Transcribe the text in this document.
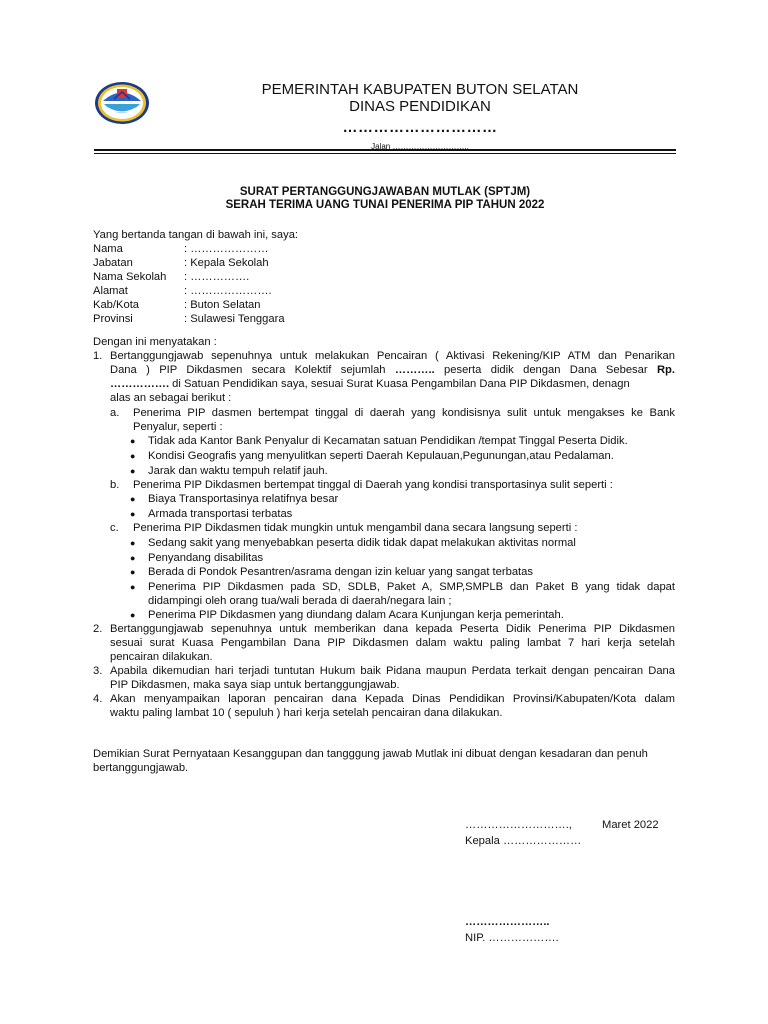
PEMERINTAH KABUPATEN BUTON SELATAN
DINAS PENDIDIKAN
…………………………
Jalan ………………………..
SURAT PERTANGGUNGJAWABAN MUTLAK (SPTJM)
SERAH TERIMA UANG TUNAI PENERIMA PIP TAHUN 2022
Yang bertanda tangan di bawah ini, saya:
Nama	: …………………
Jabatan	: Kepala Sekolah
Nama Sekolah : …………….
Alamat	: ………………….
Kab/Kota	: Buton Selatan
Provinsi	: Sulawesi Tenggara
Dengan ini menyatakan :
1. Bertanggungjawab sepenuhnya untuk melakukan Pencairan ( Aktivasi Rekening/KIP ATM dan Penarikan
Dana ) PIP Dikdasmen secara Kolektif sejumlah ……….. peserta didik dengan Dana Sebesar Rp.
……………. di Satuan Pendidikan saya, sesuai Surat Kuasa Pengambilan Dana PIP Dikdasmen, denagn
alas an sebagai berikut :
a. Penerima PIP dasmen bertempat tinggal di daerah yang kondisisnya sulit untuk mengakses ke Bank
Penyalur, seperti :
● Tidak ada Kantor Bank Penyalur di Kecamatan satuan Pendidikan /tempat Tinggal Peserta Didik.
● Kondisi Geografis yang menyulitkan seperti Daerah Kepulauan,Pegunungan,atau Pedalaman.
● Jarak dan waktu tempuh relatif jauh.
b. Penerima PIP Dikdasmen bertempat tinggal di Daerah yang kondisi transportasinya sulit seperti :
● Biaya Transportasinya relatifnya besar
● Armada transportasi terbatas
c. Penerima PIP Dikdasmen tidak mungkin untuk mengambil dana secara langsung seperti :
● Sedang sakit yang menyebabkan peserta didik tidak dapat melakukan aktivitas normal
● Penyandang disabilitas
● Berada di Pondok Pesantren/asrama dengan izin keluar yang sangat terbatas
● Penerima PIP Dikdasmen pada SD, SDLB, Paket A, SMP,SMPLB dan Paket B yang tidak dapat
didampingi oleh orang tua/wali berada di daerah/negara lain ;
● Penerima PIP Dikdasmen yang diundang dalam Acara Kunjungan kerja pemerintah.
2. Bertanggungjawab sepenuhnya untuk memberikan dana kepada Peserta Didik Penerima PIP Dikdasmen
sesuai surat Kuasa Pengambilan Dana PIP Dikdasmen dalam waktu paling lambat 7 hari kerja setelah
pencairan dilakukan.
3. Apabila dikemudian hari terjadi tuntutan Hukum baik Pidana maupun Perdata terkait dengan pencairan Dana
PIP Dikdasmen, maka saya siap untuk bertanggungjawab.
4. Akan menyampaikan laporan pencairan dana Kepada Dinas Pendidikan Provinsi/Kabupaten/Kota dalam
waktu paling lambat 10 ( sepuluh ) hari kerja setelah pencairan dana dilakukan.
Demikian Surat Pernyataan Kesanggupan dan tangggung jawab Mutlak ini dibuat dengan kesadaran dan penuh
bertanggungjawab.
……………………….,	Maret 2022
Kepala …………………
…………………..
NIP. ……………….
